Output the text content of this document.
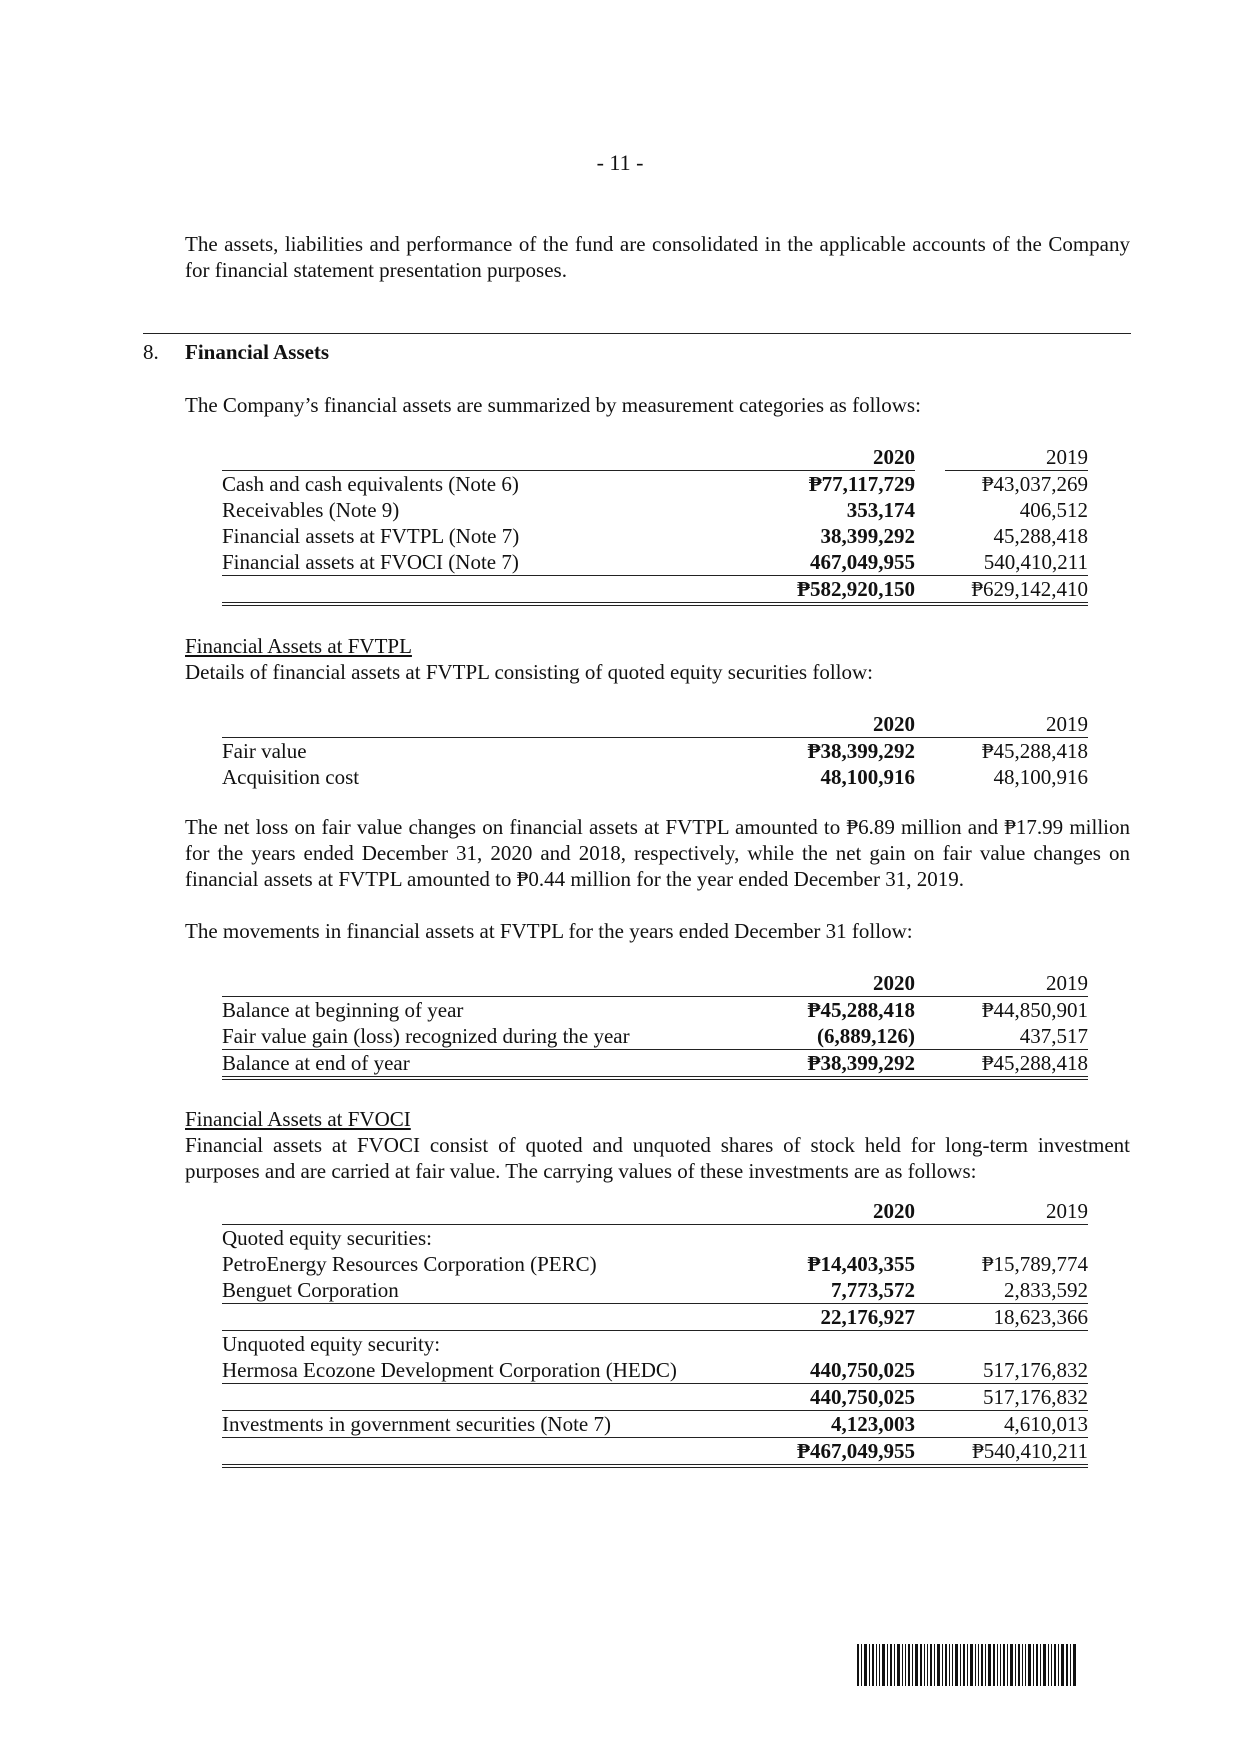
- 11 -
The assets, liabilities and performance of the fund are consolidated in the applicable accounts of the Company for financial statement presentation purposes.
8. Financial Assets
The Company’s financial assets are summarized by measurement categories as follows:
		2020		2019
Cash and cash equivalents (Note 6)		₱77,117,729		₱43,037,269
Receivables (Note 9)		353,174		406,512
Financial assets at FVTPL (Note 7)		38,399,292		45,288,418
Financial assets at FVOCI (Note 7)		467,049,955		540,410,211
		₱582,920,150		₱629,142,410
Financial Assets at FVTPL
Details of financial assets at FVTPL consisting of quoted equity securities follow:
		2020		2019
Fair value		₱38,399,292		₱45,288,418
Acquisition cost		48,100,916		48,100,916
The net loss on fair value changes on financial assets at FVTPL amounted to ₱6.89 million and ₱17.99 million for the years ended December 31, 2020 and 2018, respectively, while the net gain on fair value changes on financial assets at FVTPL amounted to ₱0.44 million for the year ended December 31, 2019.
The movements in financial assets at FVTPL for the years ended December 31 follow:
		2020		2019
Balance at beginning of year		₱45,288,418		₱44,850,901
Fair value gain (loss) recognized during the year		(6,889,126)		437,517
Balance at end of year		₱38,399,292		₱45,288,418
Financial Assets at FVOCI
Financial assets at FVOCI consist of quoted and unquoted shares of stock held for long-term investment purposes and are carried at fair value. The carrying values of these investments are as follows:
		2020		2019
Quoted equity securities:				
PetroEnergy Resources Corporation (PERC)		₱14,403,355		₱15,789,774
Benguet Corporation		7,773,572		2,833,592
		22,176,927		18,623,366
Unquoted equity security:				
Hermosa Ecozone Development Corporation (HEDC)		440,750,025		517,176,832
		440,750,025		517,176,832
Investments in government securities (Note 7)		4,123,003		4,610,013
		₱467,049,955		₱540,410,211
